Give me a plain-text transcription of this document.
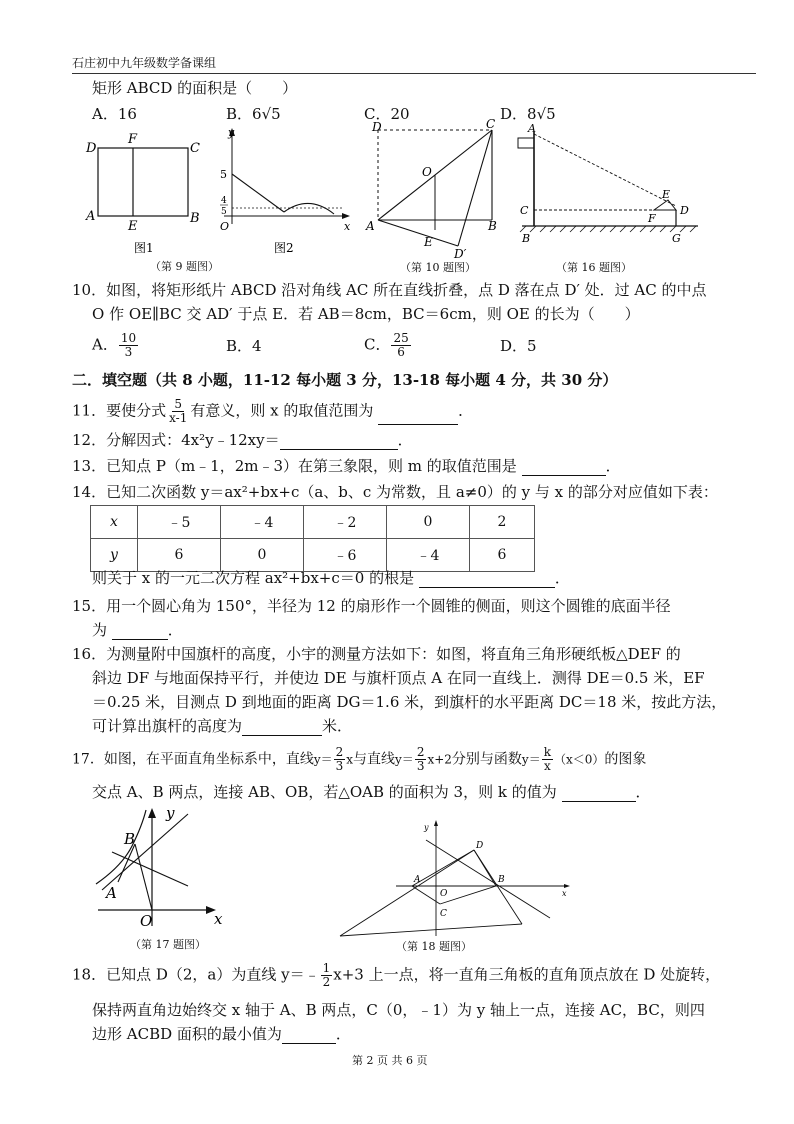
石庄初中九年级数学备课组
矩形 ABCD 的面积是（　　）
A．16	B．6√5	C．20	D．8√5
D
F
C
A
E
B
图1
y
5
4
5
O	x
图2
（第 9 题图）
D	C
O
A
E
B
D′
（第 10 题图）
A
E
C
F
D
B	G
（第 16 题图）
10．如图，将矩形纸片 ABCD 沿对角线 AC 所在直线折叠，点 D 落在点 D′ 处．过 AC 的中点
O 作 OE∥BC 交 AD′ 于点 E．若 AB＝8cm，BC＝6cm，则 OE 的长为（　　）
A． $\frac{10}{3}$	B．4	C． $\frac{25}{6}$	D．5
二．填空题（共 8 小题，11-12 每小题 3 分，13-18 每小题 4 分，共 30 分）
11．要使分式 $\frac{5}{x-1}$ 有意义，则 x 的取值范围为	．
12．分解因式：4x²y﹣12xy＝	．
13．已知点 P（m﹣1，2m﹣3）在第三象限，则 m 的取值范围是	．
14．已知二次函数 y＝ax²+bx+c（a、b、c 为常数，且 a≠0）的 y 与 x 的部分对应值如下表：
x	﹣5	﹣4	﹣2	0	2
y	6	0	﹣6	﹣4	6
则关于 x 的一元二次方程 ax²+bx+c＝0 的根是	．
15．用一个圆心角为 150°，半径为 12 的扇形作一个圆锥的侧面，则这个圆锥的底面半径
为	．
16．为测量附中国旗杆的高度，小宇的测量方法如下：如图，将直角三角形硬纸板△DEF 的
斜边 DF 与地面保持平行，并使边 DE 与旗杆顶点 A 在同一直线上．测得 DE＝0.5 米，EF
＝0.25 米，目测点 D 到地面的距离 DG＝1.6 米，到旗杆的水平距离 DC＝18 米，按此方法，
可计算出旗杆的高度为	米．
17．如图，在平面直角坐标系中，直线$y= \frac{2}{3}$ x与直线$y= \frac{2}{3} x+2$分别与函数$y= \frac{k}{x} (x<0)$的图象
交点 A、B 两点，连接 AB、OB，若△OAB 的面积为 3，则 k 的值为	．
y
B
A
O	x
（第 17 题图）
y
D
A
O
B
x
C
（第 18 题图）
18．已知点 D（2，a）为直线 y＝﹣ $\frac{1}{2} x+3$ 上一点，将一直角三角板的直角顶点放在 D 处旋转，
保持两直角边始终交 x 轴于 A、B 两点，C（0，﹣1）为 y 轴上一点，连接 AC，BC，则四
边形 ACBD 面积的最小值为	．
第 2 页 共 6 页
